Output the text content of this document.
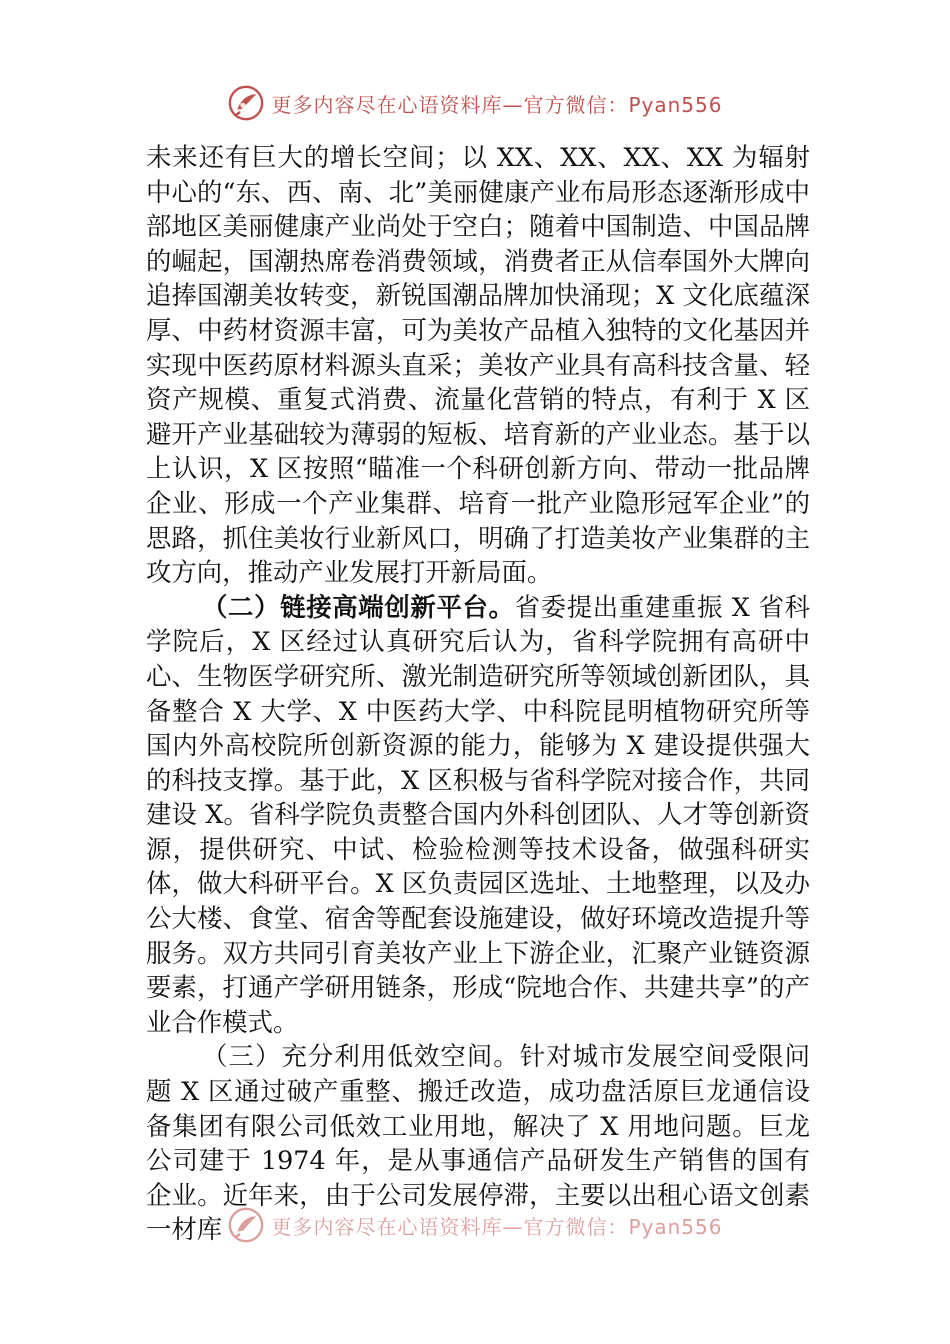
更多内容尽在心语资料库—官方微信：Pyan556

未来还有巨大的增长空间；以 XX、XX、XX、XX 为辐射中心的“东、西、南、北”美丽健康产业布局形态逐渐形成中部地区美丽健康产业尚处于空白；随着中国制造、中国品牌的崛起，国潮热席卷消费领域，消费者正从信奉国外大牌向追捧国潮美妆转变，新锐国潮品牌加快涌现；X 文化底蕴深厚、中药材资源丰富，可为美妆产品植入独特的文化基因并实现中医药原材料源头直采；美妆产业具有高科技含量、轻资产规模、重复式消费、流量化营销的特点，有利于 X 区避开产业基础较为薄弱的短板、培育新的产业业态。基于以上认识，X 区按照“瞄准一个科研创新方向、带动一批品牌企业、形成一个产业集群、培育一批产业隐形冠军企业”的思路，抓住美妆行业新风口，明确了打造美妆产业集群的主攻方向，推动产业发展打开新局面。

（二）链接高端创新平台。省委提出重建重振 X 省科学院后，X 区经过认真研究后认为，省科学院拥有高研中心、生物医学研究所、激光制造研究所等领域创新团队，具备整合 X 大学、X 中医药大学、中科院昆明植物研究所等国内外高校院所创新资源的能力，能够为 X 建设提供强大的科技支撑。基于此，X 区积极与省科学院对接合作，共同建设 X。省科学院负责整合国内外科创团队、人才等创新资源，提供研究、中试、检验检测等技术设备，做强科研实体，做大科研平台。X 区负责园区选址、土地整理，以及办公大楼、食堂、宿舍等配套设施建设，做好环境改造提升等服务。双方共同引育美妆产业上下游企业，汇聚产业链资源要素，打通产学研用链条，形成“院地合作、共建共享”的产业合作模式。

（三）充分利用低效空间。针对城市发展空间受限问题 X 区通过破产重整、搬迁改造，成功盘活原巨龙通信设备集团有限公司低效工业用地，解决了 X 用地问题。巨龙公司建于 1974 年，是从事通信产品研发生产销售的国有企业。近年来，由于公司发展停滞，主要以出租心语文创素一材库	更多内容尽在心语资料库—官方微信：Pyan556
